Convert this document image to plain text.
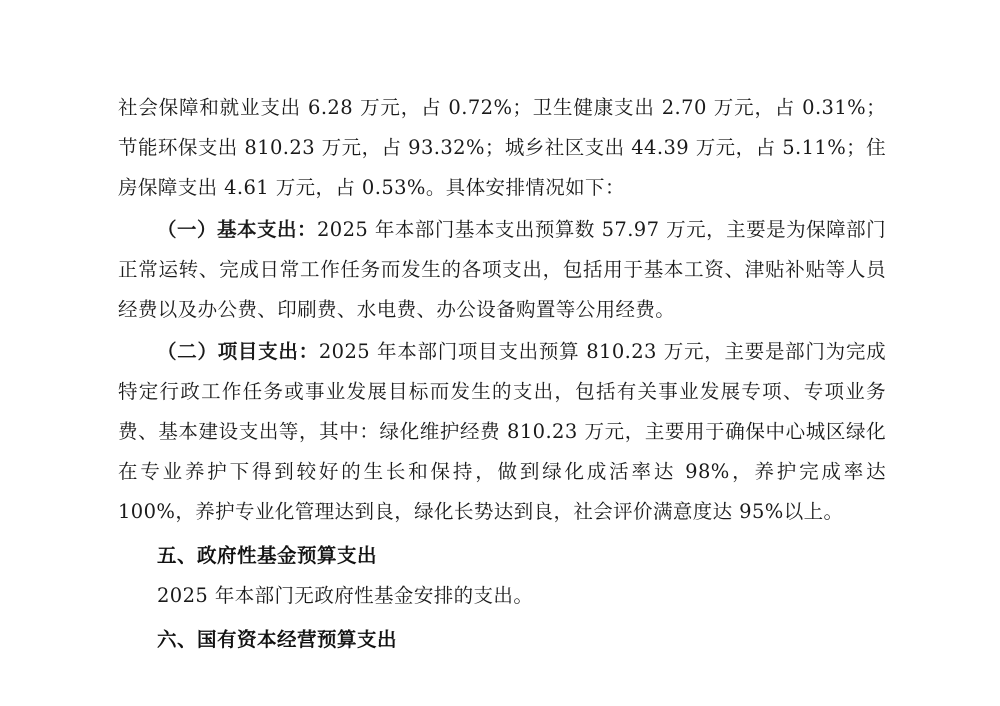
社会保障和就业支出 6.28 万元，占 0.72%；卫生健康支出 2.70 万元，占 0.31%；节能环保支出 810.23 万元，占 93.32%；城乡社区支出 44.39 万元，占 5.11%；住房保障支出 4.61 万元，占 0.53%。具体安排情况如下：

（一）基本支出：2025 年本部门基本支出预算数 57.97 万元，主要是为保障部门正常运转、完成日常工作任务而发生的各项支出，包括用于基本工资、津贴补贴等人员经费以及办公费、印刷费、水电费、办公设备购置等公用经费。

（二）项目支出：2025 年本部门项目支出预算 810.23 万元，主要是部门为完成特定行政工作任务或事业发展目标而发生的支出，包括有关事业发展专项、专项业务费、基本建设支出等，其中：绿化维护经费 810.23 万元，主要用于确保中心城区绿化在专业养护下得到较好的生长和保持，做到绿化成活率达 98%，养护完成率达 100%，养护专业化管理达到良，绿化长势达到良，社会评价满意度达 95%以上。

五、政府性基金预算支出

2025 年本部门无政府性基金安排的支出。

六、国有资本经营预算支出
